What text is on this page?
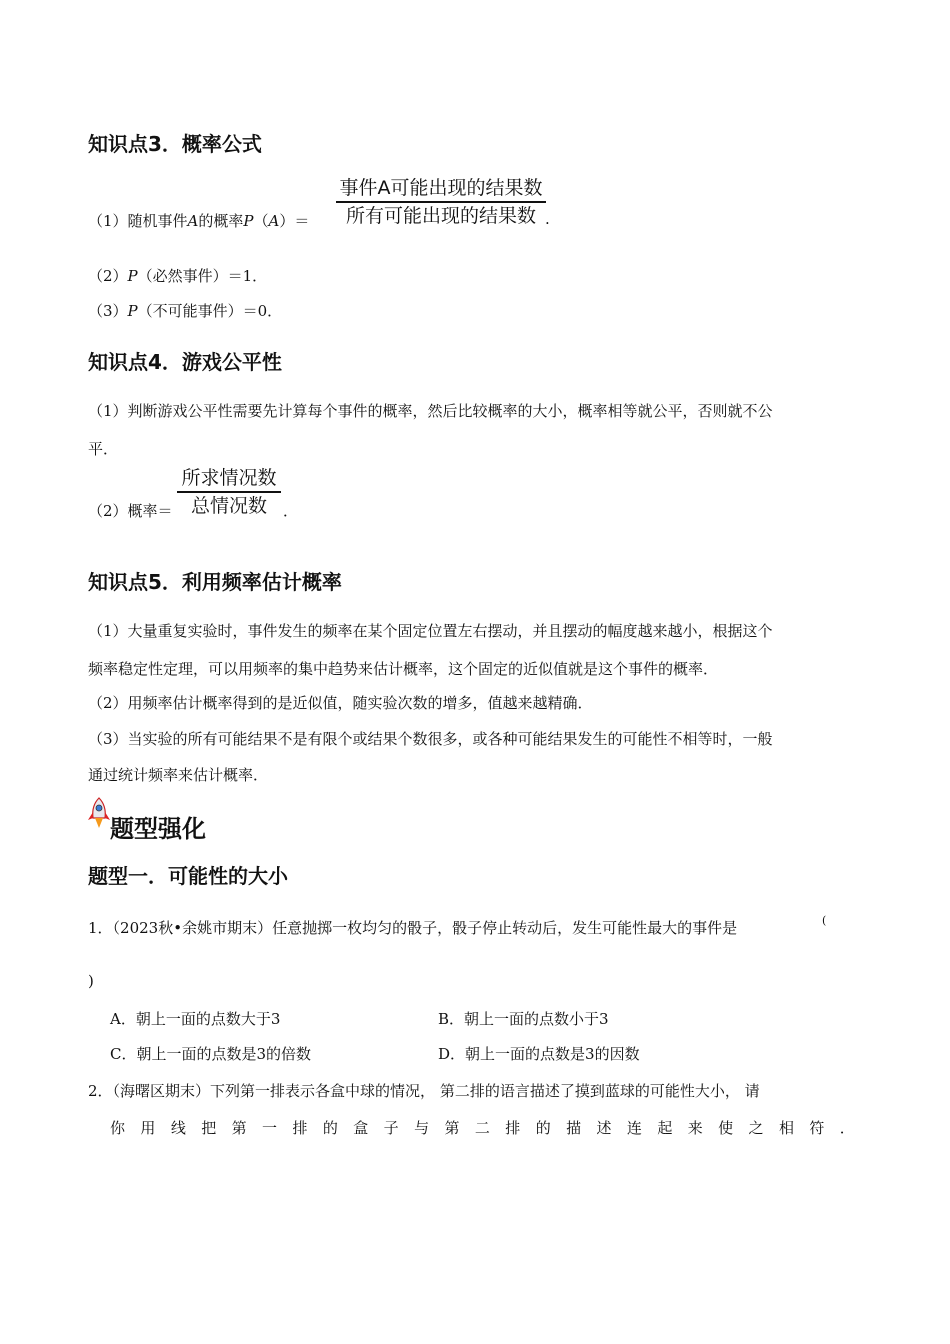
知识点3．概率公式
事件A可能出现的结果数
所有可能出现的结果数
（1）随机事件A的概率P（A）＝	.
（2）P（必然事件）＝1．
（3）P（不可能事件）＝0．
知识点4．游戏公平性
（1）判断游戏公平性需要先计算每个事件的概率，然后比较概率的大小，概率相等就公平，否则就不公
平．
所求情况数
总情况数
（2）概率＝	．
知识点5．利用频率估计概率
（1）大量重复实验时，事件发生的频率在某个固定位置左右摆动，并且摆动的幅度越来越小，根据这个
频率稳定性定理，可以用频率的集中趋势来估计概率，这个固定的近似值就是这个事件的概率．
（2）用频率估计概率得到的是近似值，随实验次数的增多，值越来越精确．
（3）当实验的所有可能结果不是有限个或结果个数很多，或各种可能结果发生的可能性不相等时，一般
通过统计频率来估计概率．
题型强化
题型一．可能性的大小
1．（2023秋•余姚市期末）任意抛掷一枚均匀的骰子，骰子停止转动后，发生可能性最大的事件是	(
)
A．朝上一面的点数大于3	B．朝上一面的点数小于3
C．朝上一面的点数是3的倍数	D．朝上一面的点数是3的因数
2．（海曙区期末）下列第一排表示各盒中球的情况， 第二排的语言描述了摸到蓝球的可能性大小， 请
你 用 线 把 第 一 排 的 盒 子 与 第 二 排 的 描 述 连 起 来 使 之 相 符 ．
